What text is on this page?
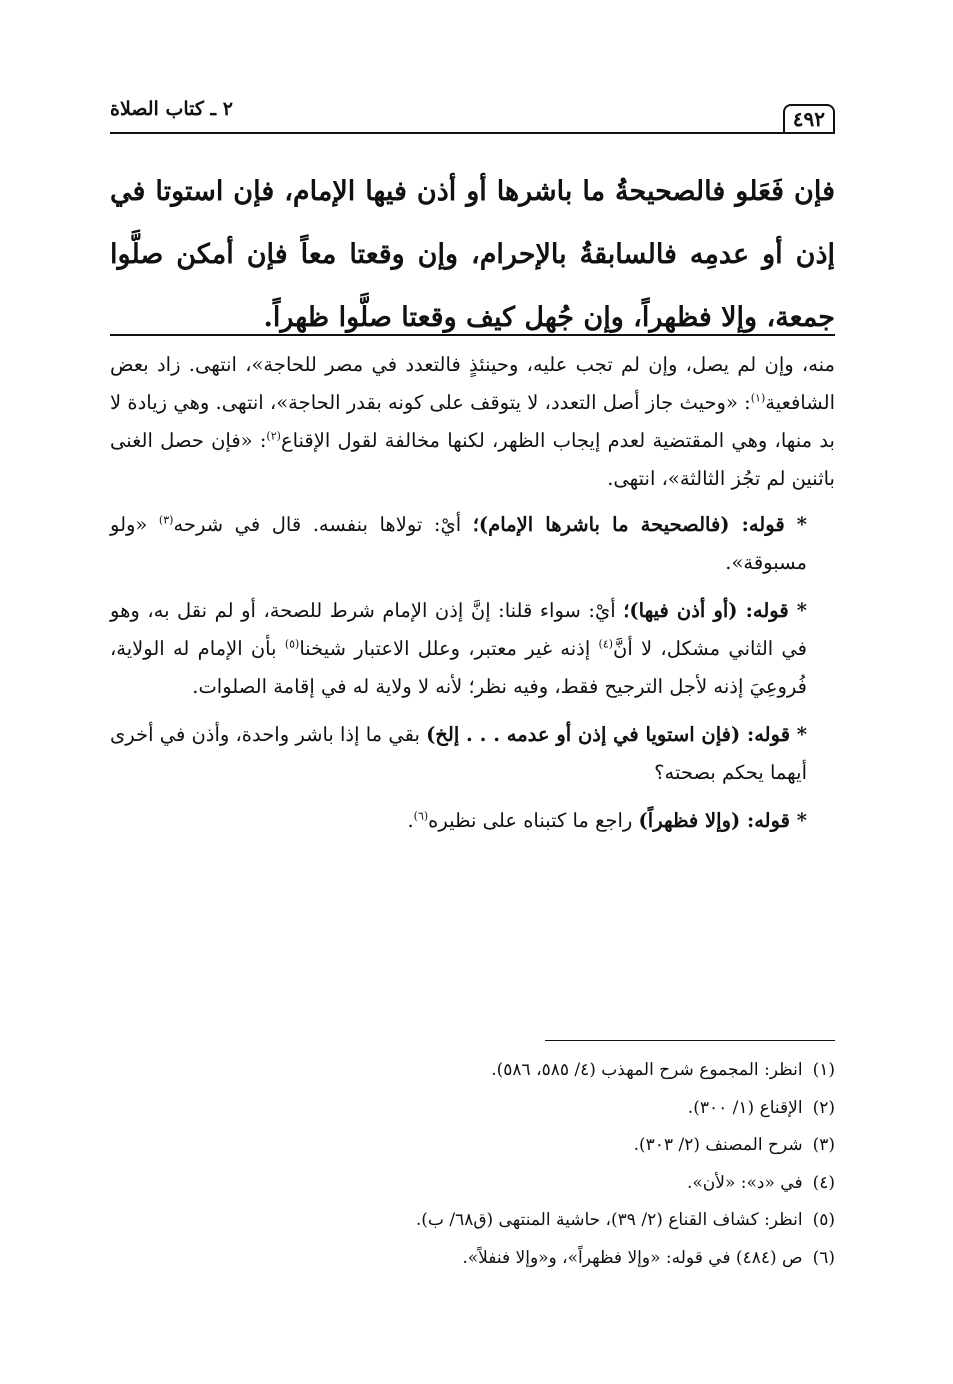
٤٩٢
٢ ـ كتاب الصلاة

فإن فَعَلو فالصحيحةُ ما باشرها أو أذن فيها الإمام، فإن استوتا في إذن أو عدمِه فالسابقةُ بالإحرام، وإن وقعتا معاً فإن أمكن صلَّوا جمعة، وإلا فظهراً، وإن جُهل كيف وقعتا صلَّوا ظهراً.

منه، وإن لم يصل، وإن لم تجب عليه، وحينئذٍ فالتعدد في مصر للحاجة»، انتهى. زاد بعض الشافعية$^{(١)}$: «وحيث جاز أصل التعدد، لا يتوقف على كونه بقدر الحاجة»، انتهى. وهي زيادة لا بد منها، وهي المقتضية لعدم إيجاب الظهر، لكنها مخالفة لقول الإقناع$^{(٢)}$: «فإن حصل الغنى باثنين لم تجُز الثالثة»، انتهى.

* قوله: (فالصحيحة ما باشرها الإمام)؛ أيْ: تولاها بنفسه. قال في شرحه$^{(٣)}$ «ولو مسبوقة».

* قوله: (أو أذن فيها)؛ أيْ: سواء قلنا: إنَّ إذن الإمام شرط للصحة، أو لم نقل به، وهو في الثاني مشكل، لا أنَّ$^{(٤)}$ إذنه غير معتبر، وعلل الاعتبار شيخنا$^{(٥)}$ بأن الإمام له الولاية، فُروعِيَ إذنه لأجل الترجيح فقط، وفيه نظر؛ لأنه لا ولاية له في إقامة الصلوات.

* قوله: (فإن استويا في إذن أو عدمه . . . إلخ) بقي ما إذا باشر واحدة، وأذن في أخرى أيهما يحكم بصحته؟

* قوله: (وإلا فظهراً) راجع ما كتبناه على نظيره$^{(٦)}$.

(١)انظر: المجموع شرح المهذب (٤/ ٥٨٥، ٥٨٦).
(٢)الإقناع (١/ ٣٠٠).
(٣)شرح المصنف (٢/ ٣٠٣).
(٤)في «د»: «لأن».
(٥)انظر: كشاف القناع (٢/ ٣٩)، حاشية المنتهى (ق٦٨/ ب).
(٦)ص (٤٨٤) في قوله: «وإلا فظهراً»، و«وإلا فنفلاً».
